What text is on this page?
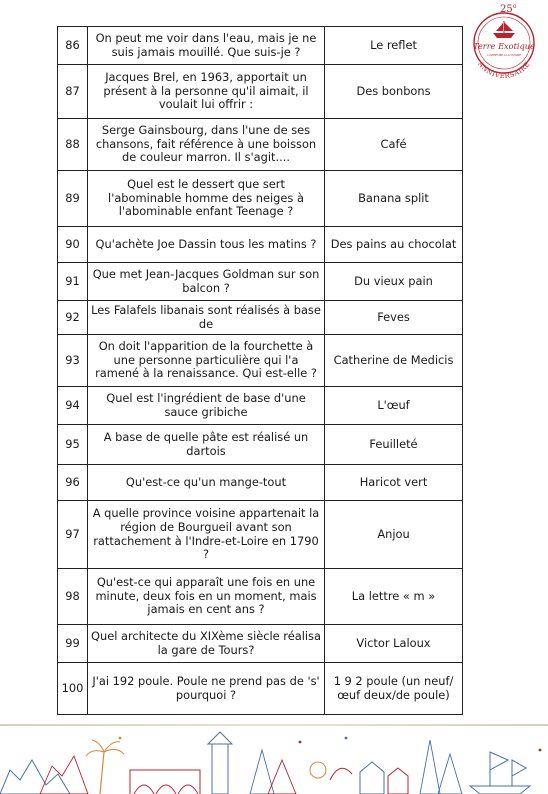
25 e
Terre Exotique
L'AVENTURE A LA CUISINE
ANNIVERSAIRE
86	On peut me voir dans l'eau, mais je ne suis jamais mouillé. Que suis-je ?	Le reflet
87	Jacques Brel, en 1963, apportait un présent à la personne qu'il aimait, il voulait lui offrir :	Des bonbons
88	Serge Gainsbourg, dans l'une de ses chansons, fait référence à une boisson de couleur marron. Il s'agit....	Café
89	Quel est le dessert que sert l'abominable homme des neiges à l'abominable enfant Teenage ?	Banana split
90	Qu'achète Joe Dassin tous les matins ?	Des pains au chocolat
91	Que met Jean-Jacques Goldman sur son balcon ?	Du vieux pain
92	Les Falafels libanais sont réalisés à base de	Feves
93	On doit l'apparition de la fourchette à une personne particulière qui l'a ramené à la renaissance. Qui est-elle ?	Catherine de Medicis
94	Quel est l'ingrédient de base d'une sauce gribiche	L'œuf
95	A base de quelle pâte est réalisé un dartois	Feuilleté
96	Qu'est-ce qu'un mange-tout	Haricot vert
97	A quelle province voisine appartenait la région de Bourgueil avant son rattachement à l'Indre-et-Loire en 1790 ?	Anjou
98	Qu'est-ce qui apparaît une fois en une minute, deux fois en un moment, mais jamais en cent ans ?	La lettre « m »
99	Quel architecte du XIXème siècle réalisa la gare de Tours?	Victor Laloux
100	J'ai 192 poule. Poule ne prend pas de 's' pourquoi ?	1 9 2 poule (un neuf/œuf deux/de poule)
